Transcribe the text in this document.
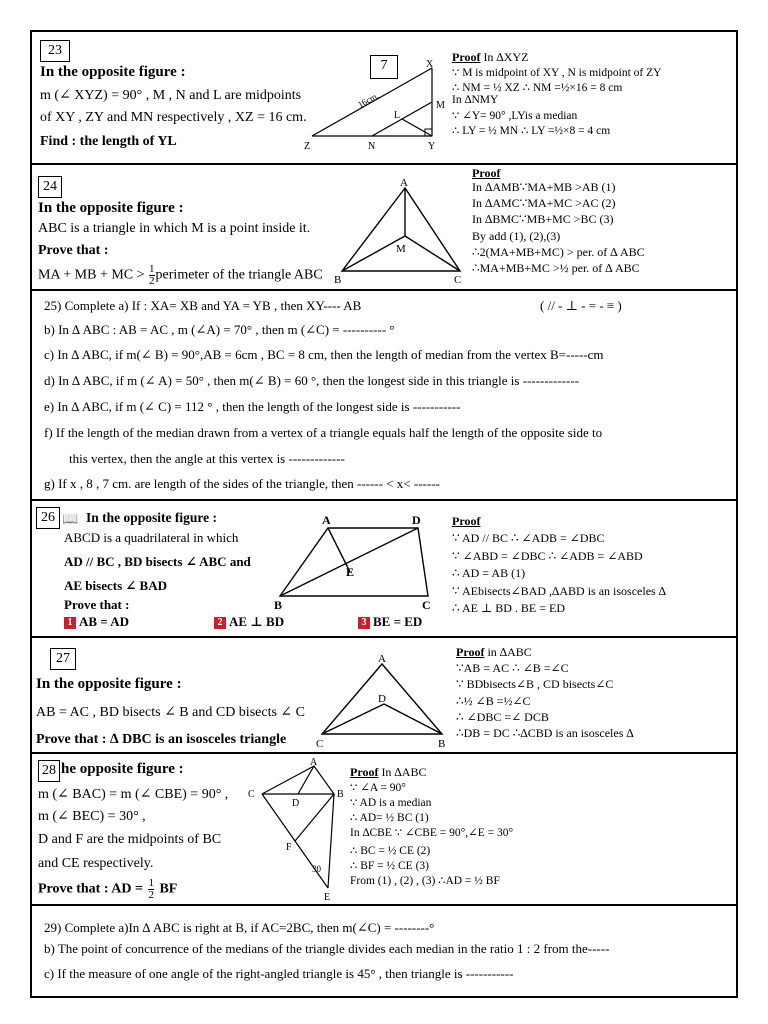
23
In the opposite figure :
m (∠ XYZ) = 90° , M , N and L are midpoints
of XY , ZY and MN respectively , XZ = 16 cm.
Find : the length of YL
7	X
M
L
Z	N	Y
16cm.
Proof In ∆XYZ
∵ M is midpoint of XY , N is midpoint of ZY
∴ NM = ½ XZ ∴ NM =½×16 = 8 cm
In ∆NMY
∵ ∠Y= 90° ,LYis a median
∴ LY = ½ MN ∴ LY =½×8 = 4 cm
24
In the opposite figure :
ABC is a triangle in which M is a point inside it.
Prove that :
MA + MB + MC > $\frac{1}{2}$ perimeter of the triangle ABC
A
M
B	C
Proof
In ∆AMB∵MA+MB >AB (1)
In ∆AMC∵MA+MC >AC (2)
In ∆BMC∵MB+MC >BC (3)
By add (1), (2),(3)
∴2(MA+MB+MC) > per. of ∆ ABC
∴MA+MB+MC >½ per. of ∆ ABC
25) Complete a) If : XA= XB and YA = YB , then XY---- AB	( // - ⊥ - = - ≡ )
b) In ∆ ABC : AB = AC , m (∠A) = 70° , then m (∠C) = ---------- °
c) In ∆ ABC, if m(∠ B) = 90°,AB = 6cm , BC = 8 cm, then the length of median from the vertex B=-----cm
d) In ∆ ABC, if m (∠ A) = 50° , then m(∠ B) = 60 °, then the longest side in this triangle is -------------
e) In ∆ ABC, if m (∠ C) = 112 ° , then the length of the longest side is -----------
f) If the length of the median drawn from a vertex of a triangle equals half the length of the opposite side to
this vertex, then the angle at this vertex is -------------
g) If x , 8 , 7 cm. are length of the sides of the triangle, then ------ < x< ------
26 📖 In the opposite figure :
ABCD is a quadrilateral in which
AD // BC , BD bisects ∠ ABC and
AE bisects ∠ BAD
Prove that :
1 AB = AD	2 AE ⊥ BD	3 BE = ED
A	D
E
B	C
Proof
∵ AD // BC ∴ ∠ADB = ∠DBC
∵ ∠ABD = ∠DBC ∴ ∠ADB = ∠ABD
∴ AD = AB (1)
∵ AEbisects∠BAD ,∆ABD is an isosceles ∆
∴ AE ⊥ BD . BE = ED
27
In the opposite figure :
AB = AC , BD bisects ∠ B and CD bisects ∠ C
Prove that : ∆ DBC is an isosceles triangle
A
D
C	B
Proof in ∆ABC
∵AB = AC ∴ ∠B =∠C
∵ BDbisects∠B , CD bisects∠C
∴½ ∠B =½∠C
∴ ∠DBC =∠ DCB
∴DB = DC ∴∆CBD is an isosceles ∆
28 he opposite figure :
m (∠ BAC) = m (∠ CBE) = 90° ,
m (∠ BEC) = 30° ,
D and F are the midpoints of BC
and CE respectively.
Prove that : AD = $\frac{1}{2}$ BF
A
C	B
D
F
30
E
Proof In ∆ABC
∵ ∠A = 90°
∵ AD is a median
∴ AD= ½ BC (1)
In ∆CBE ∵ ∠CBE = 90°,∠E = 30°
∴ BC = ½ CE (2)
∴ BF = ½ CE (3)
From (1) , (2) , (3) ∴AD = ½ BF
29) Complete a)In ∆ ABC is right at B, if AC=2BC, then m(∠C) = --------°
b) The point of concurrence of the medians of the triangle divides each median in the ratio 1 : 2 from the-----
c) If the measure of one angle of the right-angled triangle is 45° , then triangle is -----------
